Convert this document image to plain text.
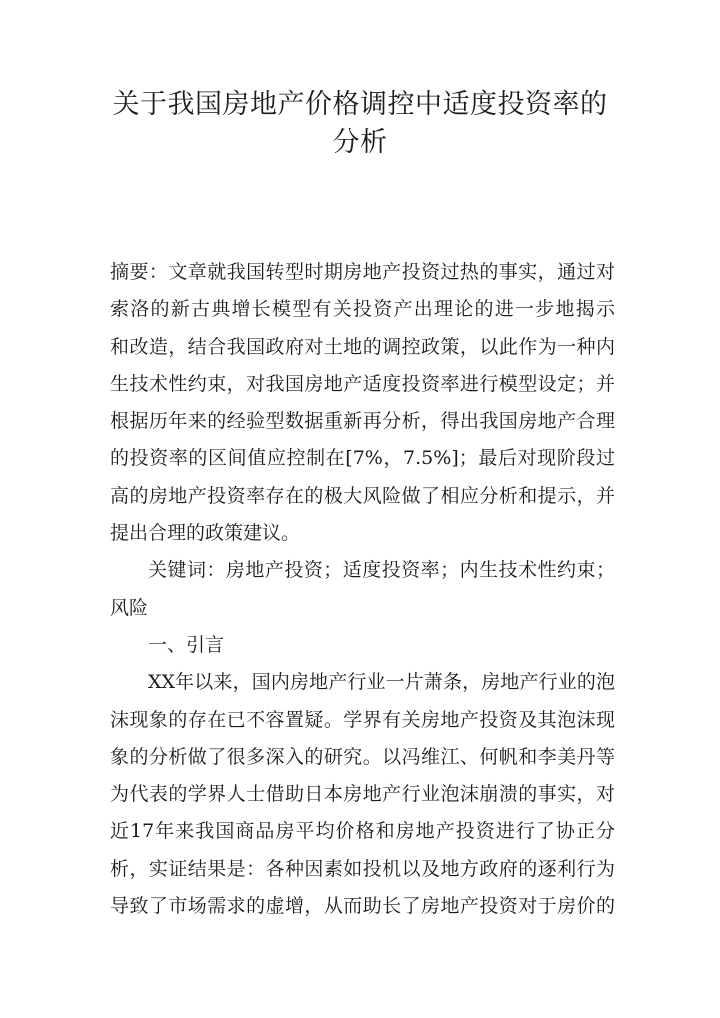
关于我国房地产价格调控中适度投资率的
分析
摘要：文章就我国转型时期房地产投资过热的事实，通过对
索洛的新古典增长模型有关投资产出理论的进一步地揭示
和改造，结合我国政府对土地的调控政策，以此作为一种内
生技术性约束，对我国房地产适度投资率进行模型设定；并
根据历年来的经验型数据重新再分析，得出我国房地产合理
的投资率的区间值应控制在[7%，7.5%]；最后对现阶段过
高的房地产投资率存在的极大风险做了相应分析和提示，并
提出合理的政策建议。
关键词：房地产投资；适度投资率；内生技术性约束；
风险
一、引言
XX年以来，国内房地产行业一片萧条，房地产行业的泡
沫现象的存在已不容置疑。学界有关房地产投资及其泡沫现
象的分析做了很多深入的研究。以冯维江、何帆和李美丹等
为代表的学界人士借助日本房地产行业泡沫崩溃的事实，对
近17年来我国商品房平均价格和房地产投资进行了协正分
析，实证结果是：各种因素如投机以及地方政府的逐利行为
导致了市场需求的虚增，从而助长了房地产投资对于房价的
